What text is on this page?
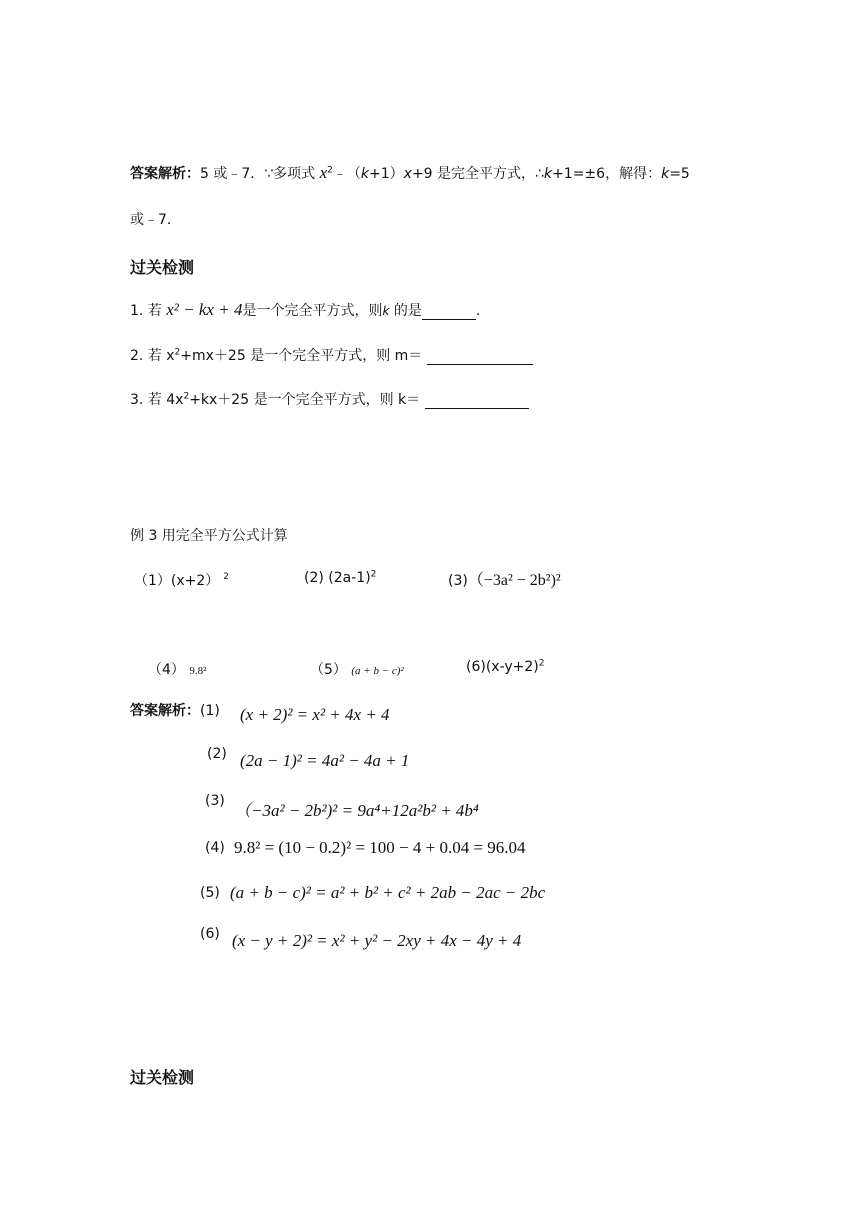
答案解析：5 或﹣7．∵多项式 $x^2﹣(k+1)x+9$ 是完全平方式，∴k+1=±6，解得：k=5
或﹣7．
过关检测
1. 若 x² − kx + 4是一个完全平方式，则k 的是	.
2. 若 $x^2+mx+25$ 是一个完全平方式，则 m＝
3. 若 $4x^2+kx+25$ 是一个完全平方式，则 k＝
例 3 用完全平方公式计算
（1）(x+2） $^2$	(2) $(2a-1)^2$	(3)（−3a² − 2b²)²
（4） 9.8²	（5） (a + b − c)²	$(6)(x-y+2)^2$
答案解析：(1) (x + 2)² = x² + 4x + 4
(2) (2a − 1)² = 4a² − 4a + 1
(3) （−3a² − 2b²)² = 9a⁴+12a²b² + 4b⁴
(4) 9.8² = (10 − 0.2)² = 100 − 4 + 0.04 = 96.04
(5) (a + b − c)² = a² + b² + c² + 2ab − 2ac − 2bc
(6) (x − y + 2)² = x² + y² − 2xy + 4x − 4y + 4
过关检测
